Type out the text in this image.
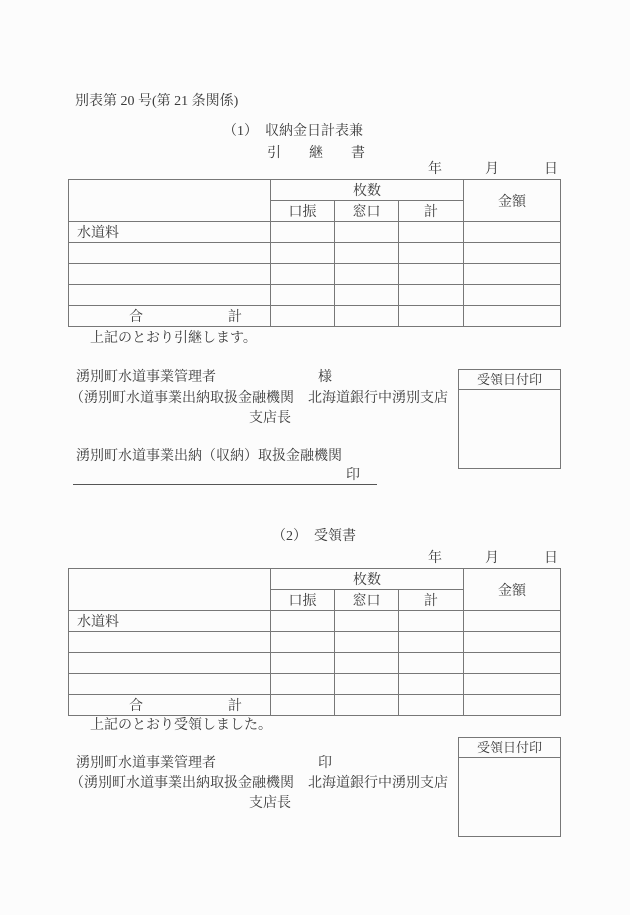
別表第 20 号(第 21 条関係)
（1）　収納金日計表兼
引　　継　　書
年	月	日
	枚数			金額
	口振	窓口	計	
水道料				

合 計				

上記のとおり引継します。
湧別町水道事業管理者	様
（湧別町水道事業出納取扱金融機関　北海道銀行中湧別支店
支店長
受領日付印
湧別町水道事業出納（収納）取扱金融機関
印
（2）　受領書
年	月	日
	枚数			金額
	口振	窓口	計	
水道料				

合 計				

上記のとおり受領しました。
受領日付印
湧別町水道事業管理者	印
（湧別町水道事業出納取扱金融機関　北海道銀行中湧別支店
支店長
